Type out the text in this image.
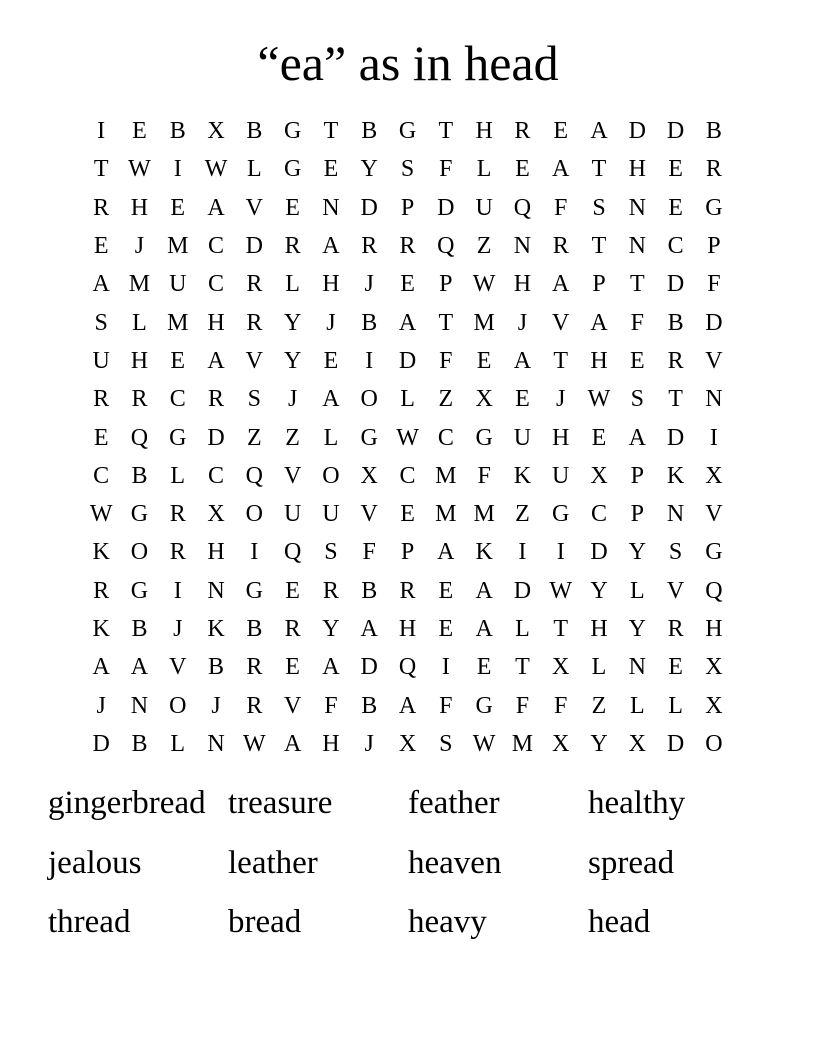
“ea” as in head
I	E B X B G T B G T H R E A D D B
T W I W L G E Y S	F	L E A T H E R
R H E A V E N D P D U Q F	S N E G
E	J M C D R A R R Q Z N R T N C P
A M U C R L H	J	E	P W H A P	T D F
S	L M H R Y	J	B A T M J	V A F B D
U H E A V Y E	I	D F	E A T H E R V
R R C R S	J	A O L Z X E	J W S	T N
E Q G D Z Z L G W C G U H E A D	I
C B L C Q V O X C M F K U X P K X
W G R X O U U V E M M Z G C P N V
K O R H	I	Q S	F	P A K	I	I	D Y S G
R G	I	N G E R B R E A D W Y L V Q
K B	J	K B R Y A H E A L T H Y R H
A A V B R E A D Q	I	E T X L N E X
J	N O	J	R V F B A F G F	F	Z L L X
D B L N W A H	J	X S W M X Y X D O
gingerbread treasure	feather	healthy
jealous	leather	heaven	spread
thread	bread	heavy	head
